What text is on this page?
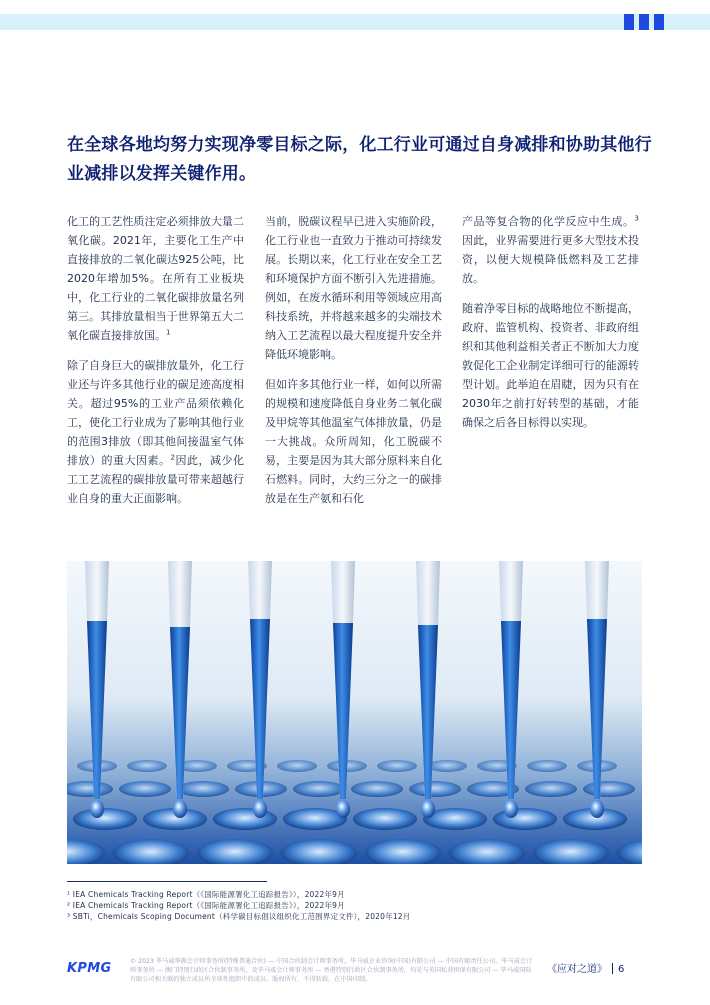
在全球各地均努力实现净零目标之际，化工行业可通过自身减排和协助其他行业减排以发挥关键作用。

化工的工艺性质注定必须排放大量二氧化碳。2021年，主要化工生产中直接排放的二氧化碳达925公吨，比2020年增加5%。在所有工业板块中，化工行业的二氧化碳排放量名列第三。其排放量相当于世界第五大二氧化碳直接排放国。$^1$

除了自身巨大的碳排放量外，化工行业还与许多其他行业的碳足迹高度相关。超过95%的工业产品须依赖化工，使化工行业成为了影响其他行业的范围3排放（即其他间接温室气体排放）的重大因素。$^2$因此，减少化工工艺流程的碳排放量可带来超越行业自身的重大正面影响。

当前，脱碳议程早已进入实施阶段，化工行业也一直致力于推动可持续发展。长期以来，化工行业在安全工艺和环境保护方面不断引入先进措施。例如，在废水循环利用等领域应用高科技系统，并将越来越多的尖端技术纳入工艺流程以最大程度提升安全并降低环境影响。

但如许多其他行业一样，如何以所需的规模和速度降低自身业务二氧化碳及甲烷等其他温室气体排放量，仍是一大挑战。众所周知，化工脱碳不易，主要是因为其大部分原料来自化石燃料。同时，大约三分之一的碳排放是在生产氨和石化

产品等复合物的化学反应中生成。$^3$因此，业界需要进行更多大型技术投资，以便大规模降低燃料及工艺排放。

随着净零目标的战略地位不断提高，政府、监管机构、投资者、非政府组织和其他利益相关者正不断加大力度敦促化工企业制定详细可行的能源转型计划。此举迫在眉睫，因为只有在2030年之前打好转型的基础，才能确保之后各目标得以实现。

¹ IEA Chemicals Tracking Report（《国际能源署化工追踪报告》），2022年9月
² IEA Chemicals Tracking Report（《国际能源署化工追踪报告》），2022年9月
³ SBTi，Chemicals Scoping Document（科学碳目标倡议组织化工范围界定文件），2020年12月
KPMG	© 2023 毕马威华振会计师事务所(特殊普通合伙) — 中国合伙制会计师事务所，毕马威企业咨询(中国)有限公司 — 中国有限责任公司，毕马威会计师事务所 — 澳门特别行政区合伙制事务所，及毕马威会计师事务所 — 香港特别行政区合伙制事务所，均是与英国私营担保有限公司 — 毕马威国际有限公司相关联的独立成员所全球性组织中的成员。版权所有，不得转载。在中国印制。
《应对之道》 6
